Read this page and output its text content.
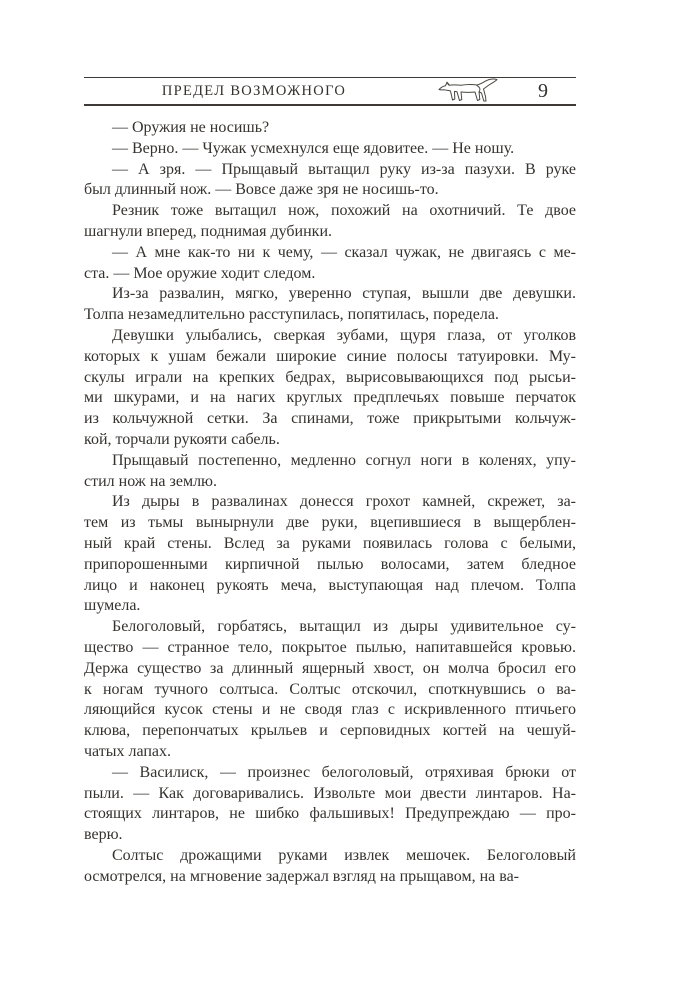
ПРЕДЕЛ ВОЗМОЖНОГО	9
— Оружия не носишь?
— Верно. — Чужак усмехнулся еще ядовитее. — Не ношу.
— А зря. — Прыщавый вытащил руку из-за пазухи. В руке
был длинный нож. — Вовсе даже зря не носишь-то.
Резник тоже вытащил нож, похожий на охотничий. Те двое
шагнули вперед, поднимая дубинки.
— А мне как-то ни к чему, — сказал чужак, не двигаясь с ме-
ста. — Мое оружие ходит следом.
Из-за развалин, мягко, уверенно ступая, вышли две девушки.
Толпа незамедлительно расступилась, попятилась, поредела.
Девушки улыбались, сверкая зубами, щуря глаза, от уголков
которых к ушам бежали широкие синие полосы татуировки. Му-
скулы играли на крепких бедрах, вырисовывающихся под рысьи-
ми шкурами, и на нагих круглых предплечьях повыше перчаток
из кольчужной сетки. За спинами, тоже прикрытыми кольчуж-
кой, торчали рукояти сабель.
Прыщавый постепенно, медленно согнул ноги в коленях, упу-
стил нож на землю.
Из дыры в развалинах донесся грохот камней, скрежет, за-
тем из тьмы вынырнули две руки, вцепившиеся в выщерблен-
ный край стены. Вслед за руками появилась голова с белыми,
припорошенными кирпичной пылью волосами, затем бледное
лицо и наконец рукоять меча, выступающая над плечом. Толпа
шумела.
Белоголовый, горбатясь, вытащил из дыры удивительное су-
щество — странное тело, покрытое пылью, напитавшейся кровью.
Держа существо за длинный ящерный хвост, он молча бросил его
к ногам тучного солтыса. Солтыс отскочил, споткнувшись о ва-
ляющийся кусок стены и не сводя глаз с искривленного птичьего
клюва, перепончатых крыльев и серповидных когтей на чешуй-
чатых лапах.
— Василиск, — произнес белоголовый, отряхивая брюки от
пыли. — Как договаривались. Извольте мои двести линтаров. На-
стоящих линтаров, не шибко фальшивых! Предупреждаю — про-
верю.
Солтыс дрожащими руками извлек мешочек. Белоголовый
осмотрелся, на мгновение задержал взгляд на прыщавом, на ва-
